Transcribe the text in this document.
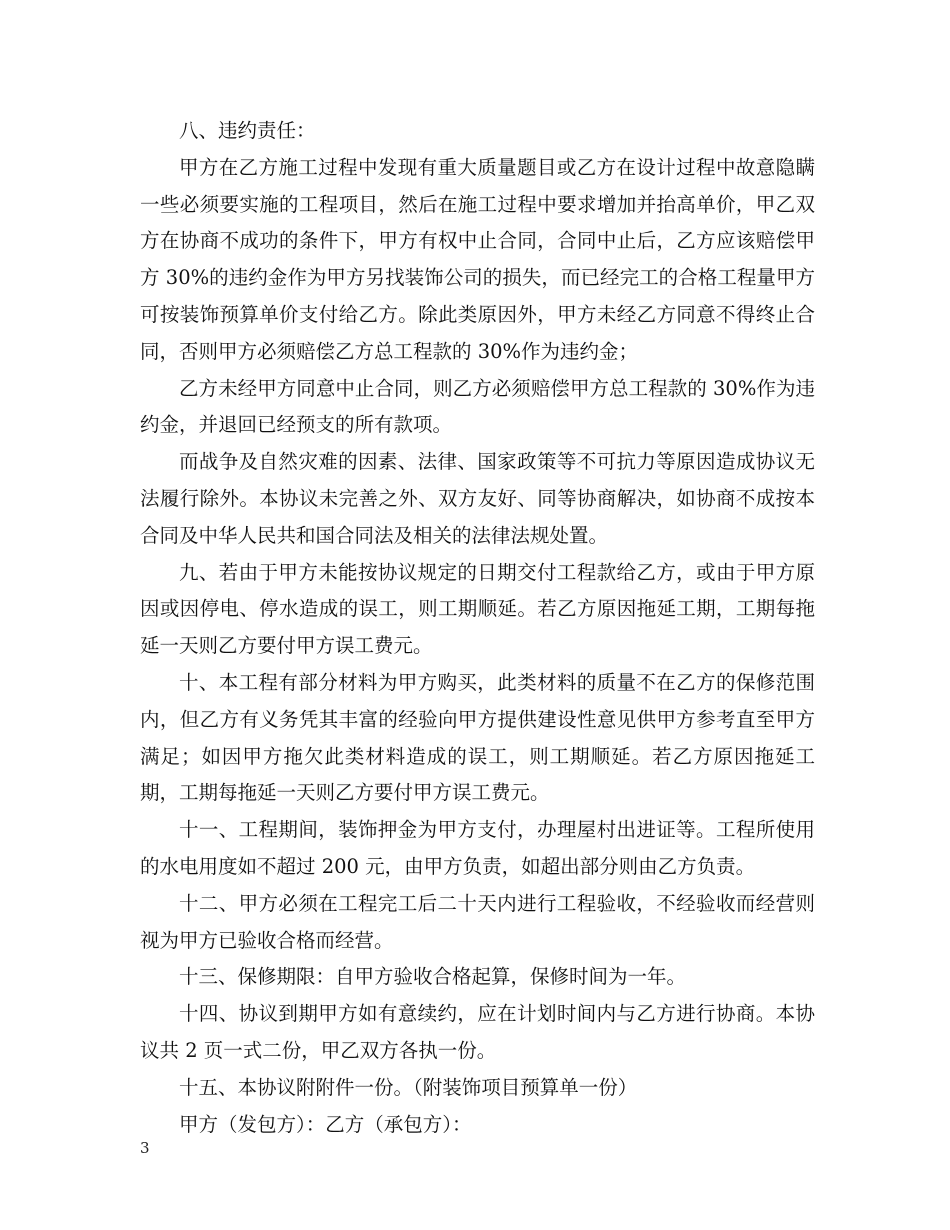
八、违约责任：

甲方在乙方施工过程中发现有重大质量题目或乙方在设计过程中故意隐瞒一些必须要实施的工程项目，然后在施工过程中要求增加并抬高单价，甲乙双方在协商不成功的条件下，甲方有权中止合同，合同中止后，乙方应该赔偿甲方 30%的违约金作为甲方另找装饰公司的损失，而已经完工的合格工程量甲方可按装饰预算单价支付给乙方。除此类原因外，甲方未经乙方同意不得终止合同，否则甲方必须赔偿乙方总工程款的 30%作为违约金；

乙方未经甲方同意中止合同，则乙方必须赔偿甲方总工程款的 30%作为违约金，并退回已经预支的所有款项。

而战争及自然灾难的因素、法律、国家政策等不可抗力等原因造成协议无法履行除外。本协议未完善之外、双方友好、同等协商解决，如协商不成按本合同及中华人民共和国合同法及相关的法律法规处置。

九、若由于甲方未能按协议规定的日期交付工程款给乙方，或由于甲方原因或因停电、停水造成的误工，则工期顺延。若乙方原因拖延工期，工期每拖延一天则乙方要付甲方误工费元。

十、本工程有部分材料为甲方购买，此类材料的质量不在乙方的保修范围内，但乙方有义务凭其丰富的经验向甲方提供建设性意见供甲方参考直至甲方满足；如因甲方拖欠此类材料造成的误工，则工期顺延。若乙方原因拖延工期，工期每拖延一天则乙方要付甲方误工费元。

十一、工程期间，装饰押金为甲方支付，办理屋村出进证等。工程所使用的水电用度如不超过 200 元，由甲方负责，如超出部分则由乙方负责。

十二、甲方必须在工程完工后二十天内进行工程验收，不经验收而经营则视为甲方已验收合格而经营。

十三、保修期限：自甲方验收合格起算，保修时间为一年。

十四、协议到期甲方如有意续约，应在计划时间内与乙方进行协商。本协议共 2 页一式二份，甲乙双方各执一份。

十五、本协议附附件一份。（附装饰项目预算单一份）

甲方（发包方）：乙方（承包方）：

3
